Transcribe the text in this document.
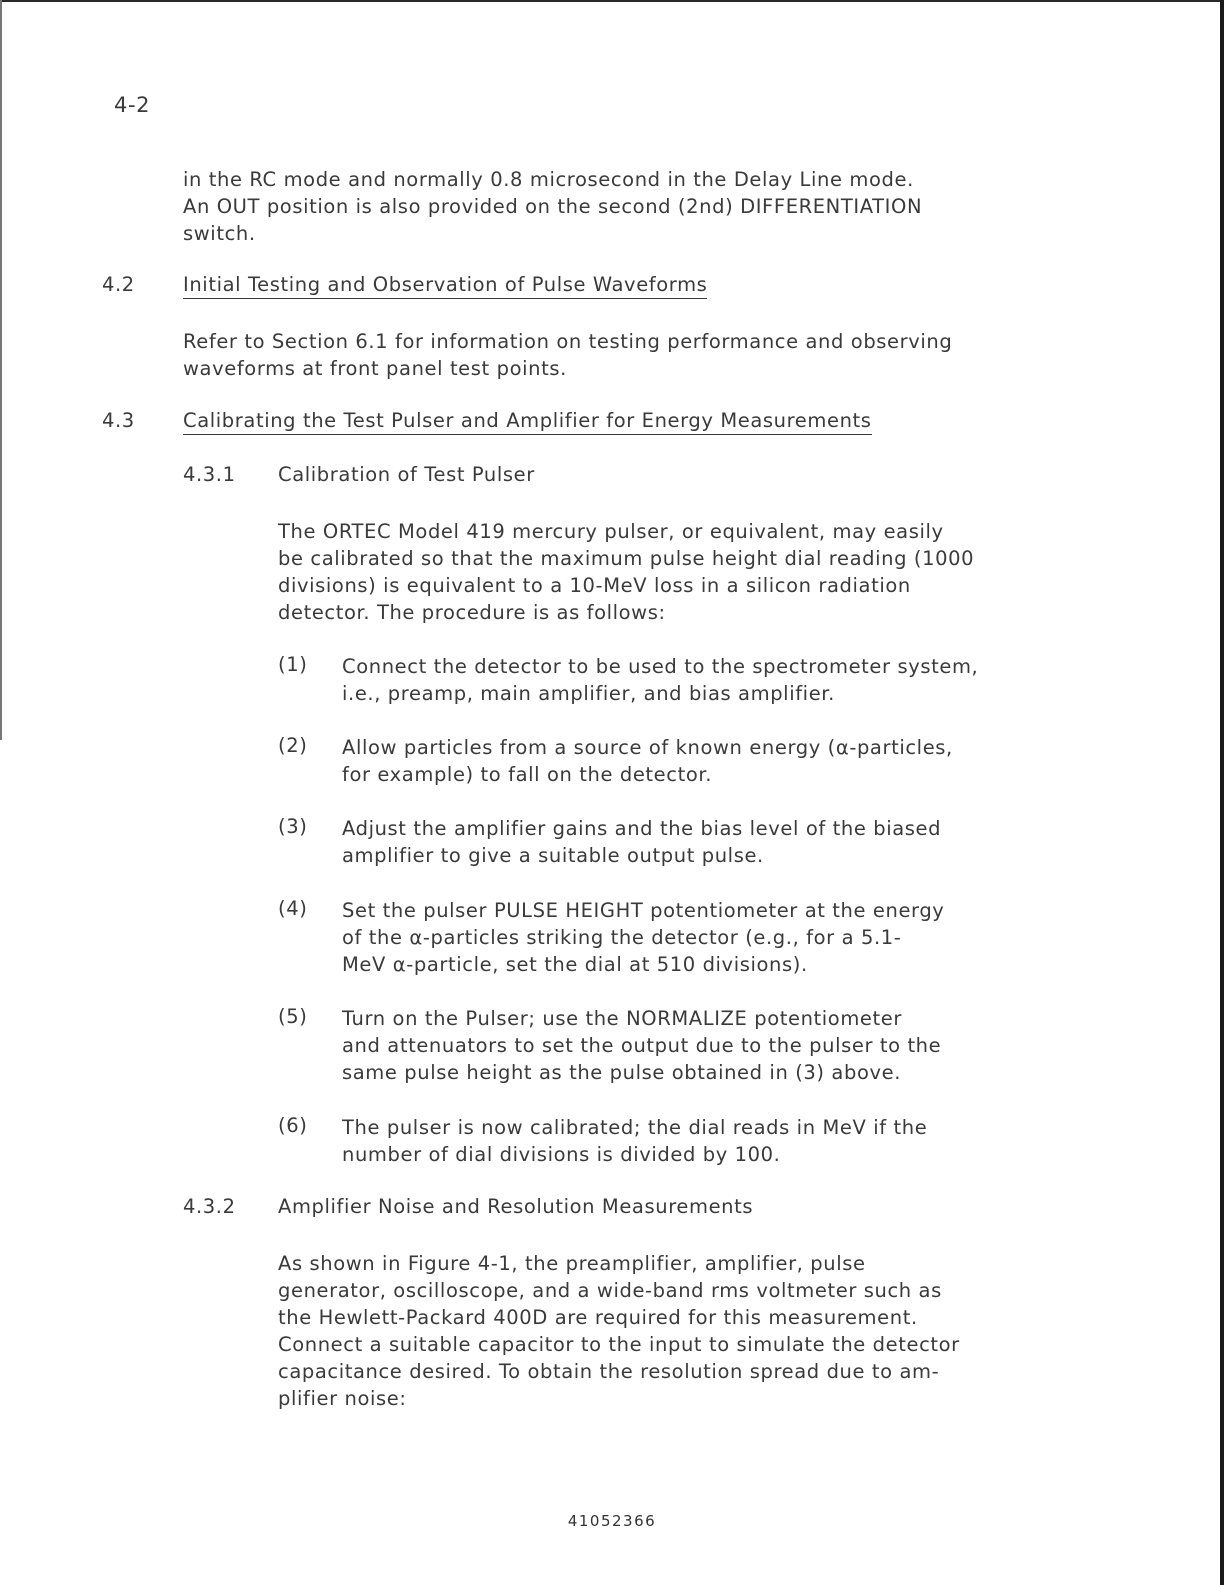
4-2

in the RC mode and normally 0.8 microsecond in the Delay Line mode.
An OUT position is also provided on the second (2nd) DIFFERENTIATION
switch.

4.2 Initial Testing and Observation of Pulse Waveforms

Refer to Section 6.1 for information on testing performance and observing
waveforms at front panel test points.

4.3 Calibrating the Test Pulser and Amplifier for Energy Measurements

4.3.1 Calibration of Test Pulser

The ORTEC Model 419 mercury pulser, or equivalent, may easily
be calibrated so that the maximum pulse height dial reading (1000
divisions) is equivalent to a 10-MeV loss in a silicon radiation
detector. The procedure is as follows:

(1) Connect the detector to be used to the spectrometer system,
i.e., preamp, main amplifier, and bias amplifier.

(2) Allow particles from a source of known energy (α-particles,
for example) to fall on the detector.

(3) Adjust the amplifier gains and the bias level of the biased
amplifier to give a suitable output pulse.

(4) Set the pulser PULSE HEIGHT potentiometer at the energy
of the α-particles striking the detector (e.g., for a 5.1-
MeV α-particle, set the dial at 510 divisions).

(5) Turn on the Pulser; use the NORMALIZE potentiometer
and attenuators to set the output due to the pulser to the
same pulse height as the pulse obtained in (3) above.

(6) The pulser is now calibrated; the dial reads in MeV if the
number of dial divisions is divided by 100.

4.3.2 Amplifier Noise and Resolution Measurements

As shown in Figure 4-1, the preamplifier, amplifier, pulse
generator, oscilloscope, and a wide-band rms voltmeter such as
the Hewlett-Packard 400D are required for this measurement.
Connect a suitable capacitor to the input to simulate the detector
capacitance desired. To obtain the resolution spread due to am-
plifier noise:

41052366
